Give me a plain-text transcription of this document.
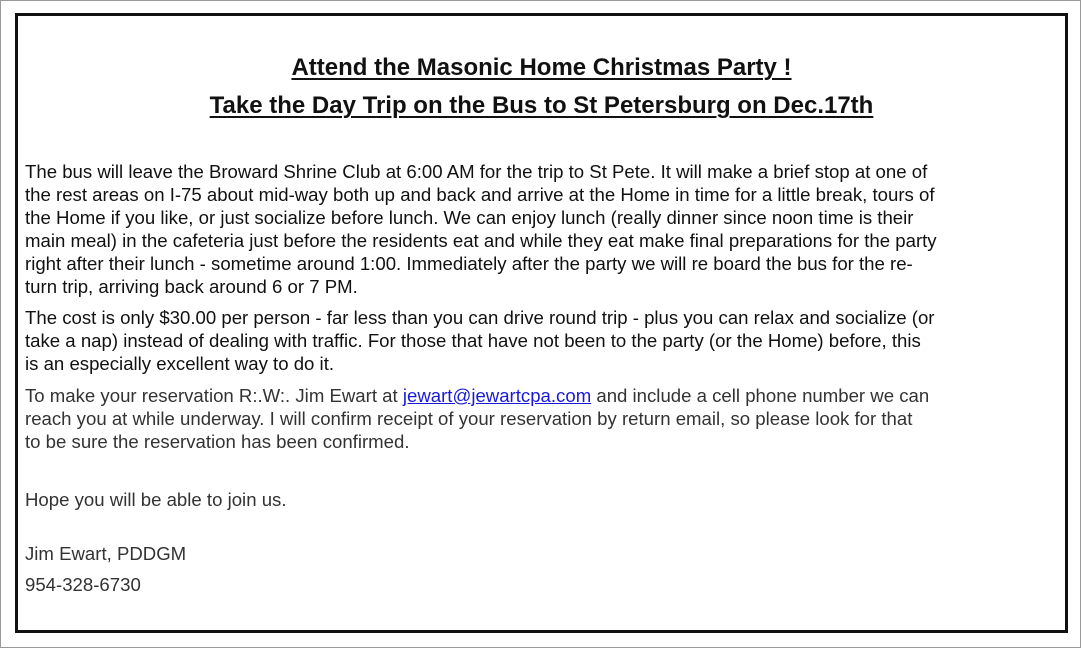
Attend the Masonic Home Christmas Party !
Take the Day Trip on the Bus to St Petersburg on Dec.17th

The bus will leave the Broward Shrine Club at 6:00 AM for the trip to St Pete. It will make a brief stop at one of
the rest areas on I-75 about mid-way both up and back and arrive at the Home in time for a little break, tours of
the Home if you like, or just socialize before lunch. We can enjoy lunch (really dinner since noon time is their
main meal) in the cafeteria just before the residents eat and while they eat make final preparations for the party
right after their lunch - sometime around 1:00. Immediately after the party we will re board the bus for the re-
turn trip, arriving back around 6 or 7 PM.

The cost is only $30.00 per person - far less than you can drive round trip - plus you can relax and socialize (or
take a nap) instead of dealing with traffic. For those that have not been to the party (or the Home) before, this
is an especially excellent way to do it.

To make your reservation R:.W:. Jim Ewart at jewart@jewartcpa.com and include a cell phone number we can
reach you at while underway. I will confirm receipt of your reservation by return email, so please look for that
to be sure the reservation has been confirmed.

Hope you will be able to join us.

Jim Ewart, PDDGM

954-328-6730
